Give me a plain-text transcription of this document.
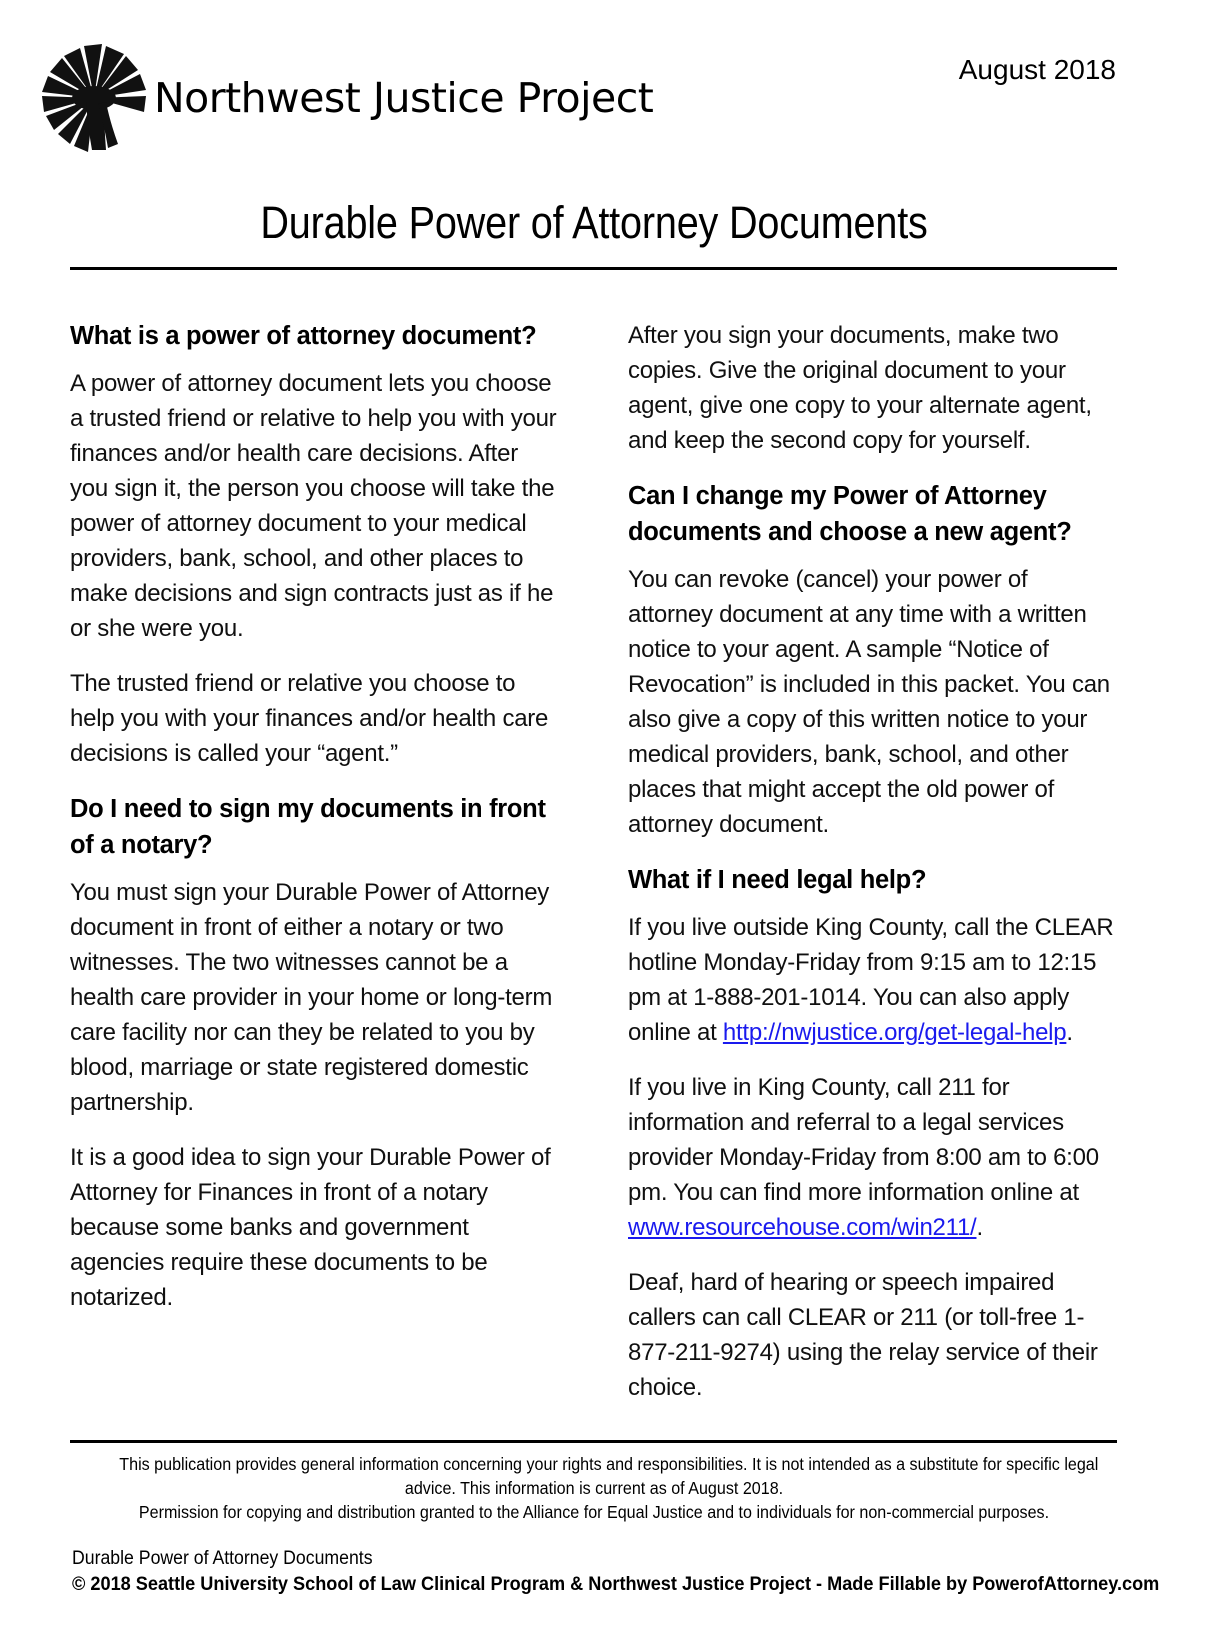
Northwest Justice Project
August 2018
Durable Power of Attorney Documents
What is a power of attorney document?

A power of attorney document lets you choose a trusted friend or relative to help you with your finances and/or health care decisions. After you sign it, the person you choose will take the power of attorney document to your medical providers, bank, school, and other places to make decisions and sign contracts just as if he or she were you.

The trusted friend or relative you choose to help you with your finances and/or health care decisions is called your “agent.”

Do I need to sign my documents in front of a notary?

You must sign your Durable Power of Attorney document in front of either a notary or two witnesses. The two witnesses cannot be a health care provider in your home or long-term care facility nor can they be related to you by blood, marriage or state registered domestic partnership.

It is a good idea to sign your Durable Power of Attorney for Finances in front of a notary because some banks and government agencies require these documents to be notarized.

After you sign your documents, make two copies. Give the original document to your agent, give one copy to your alternate agent, and keep the second copy for yourself.

Can I change my Power of Attorney documents and choose a new agent?

You can revoke (cancel) your power of attorney document at any time with a written notice to your agent. A sample “Notice of Revocation” is included in this packet. You can also give a copy of this written notice to your medical providers, bank, school, and other places that might accept the old power of attorney document.

What if I need legal help?

If you live outside King County, call the CLEAR hotline Monday-Friday from 9:15 am to 12:15 pm at 1-888-201-1014. You can also apply online at http://nwjustice.org/get-legal-help.

If you live in King County, call 211 for information and referral to a legal services provider Monday-Friday from 8:00 am to 6:00 pm. You can find more information online at www.resourcehouse.com/win211/.

Deaf, hard of hearing or speech impaired callers can call CLEAR or 211 (or toll-free 1-877-211-9274) using the relay service of their choice.

This publication provides general information concerning your rights and responsibilities. It is not intended as a substitute for specific legal
advice. This information is current as of August 2018.
Permission for copying and distribution granted to the Alliance for Equal Justice and to individuals for non-commercial purposes.
Durable Power of Attorney Documents
© 2018 Seattle University School of Law Clinical Program & Northwest Justice Project - Made Fillable by PowerofAttorney.com
